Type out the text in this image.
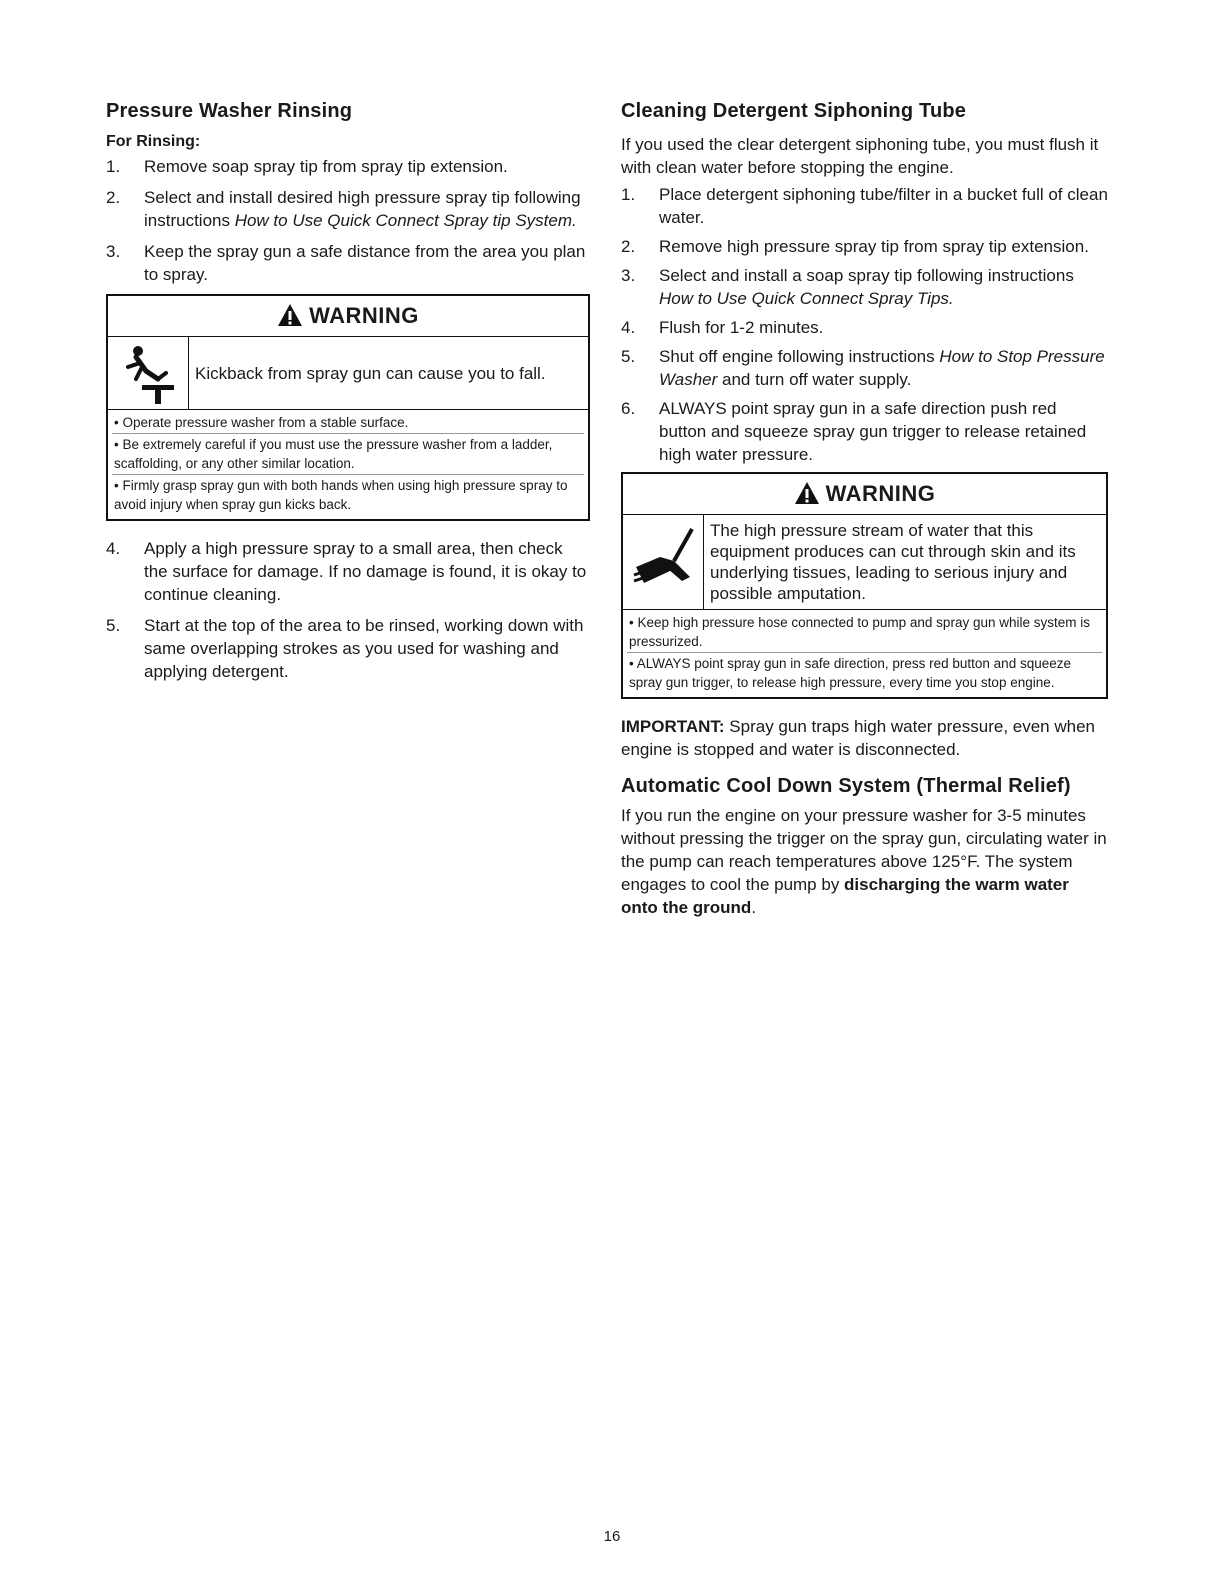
Pressure Washer Rinsing
For Rinsing:
1. Remove soap spray tip from spray tip extension.
2. Select and install desired high pressure spray tip following instructions How to Use Quick Connect Spray tip System.
3. Keep the spray gun a safe distance from the area you plan to spray.
WARNING
Kickback from spray gun can cause you to fall.
• Operate pressure washer from a stable surface.
• Be extremely careful if you must use the pressure washer from a ladder, scaffolding, or any other similar location.
• Firmly grasp spray gun with both hands when using high pressure spray to avoid injury when spray gun kicks back.
4. Apply a high pressure spray to a small area, then check the surface for damage. If no damage is found, it is okay to continue cleaning.
5. Start at the top of the area to be rinsed, working down with same overlapping strokes as you used for washing and applying detergent.
Cleaning Detergent Siphoning Tube

If you used the clear detergent siphoning tube, you must flush it with clean water before stopping the engine.

1. Place detergent siphoning tube/filter in a bucket full of clean water.
2. Remove high pressure spray tip from spray tip extension.
3. Select and install a soap spray tip following instructions How to Use Quick Connect Spray Tips.
4. Flush for 1-2 minutes.
5. Shut off engine following instructions How to Stop Pressure Washer and turn off water supply.
6. ALWAYS point spray gun in a safe direction push red button and squeeze spray gun trigger to release retained high water pressure.
WARNING
The high pressure stream of water that this equipment produces can cut through skin and its underlying tissues, leading to serious injury and possible amputation.
• Keep high pressure hose connected to pump and spray gun while system is pressurized.
• ALWAYS point spray gun in safe direction, press red button and squeeze spray gun trigger, to release high pressure, every time you stop engine.

IMPORTANT: Spray gun traps high water pressure, even when engine is stopped and water is disconnected.

Automatic Cool Down System (Thermal Relief)

If you run the engine on your pressure washer for 3-5 minutes without pressing the trigger on the spray gun, circulating water in the pump can reach temperatures above 125°F. The system engages to cool the pump by discharging the warm water onto the ground.

16
